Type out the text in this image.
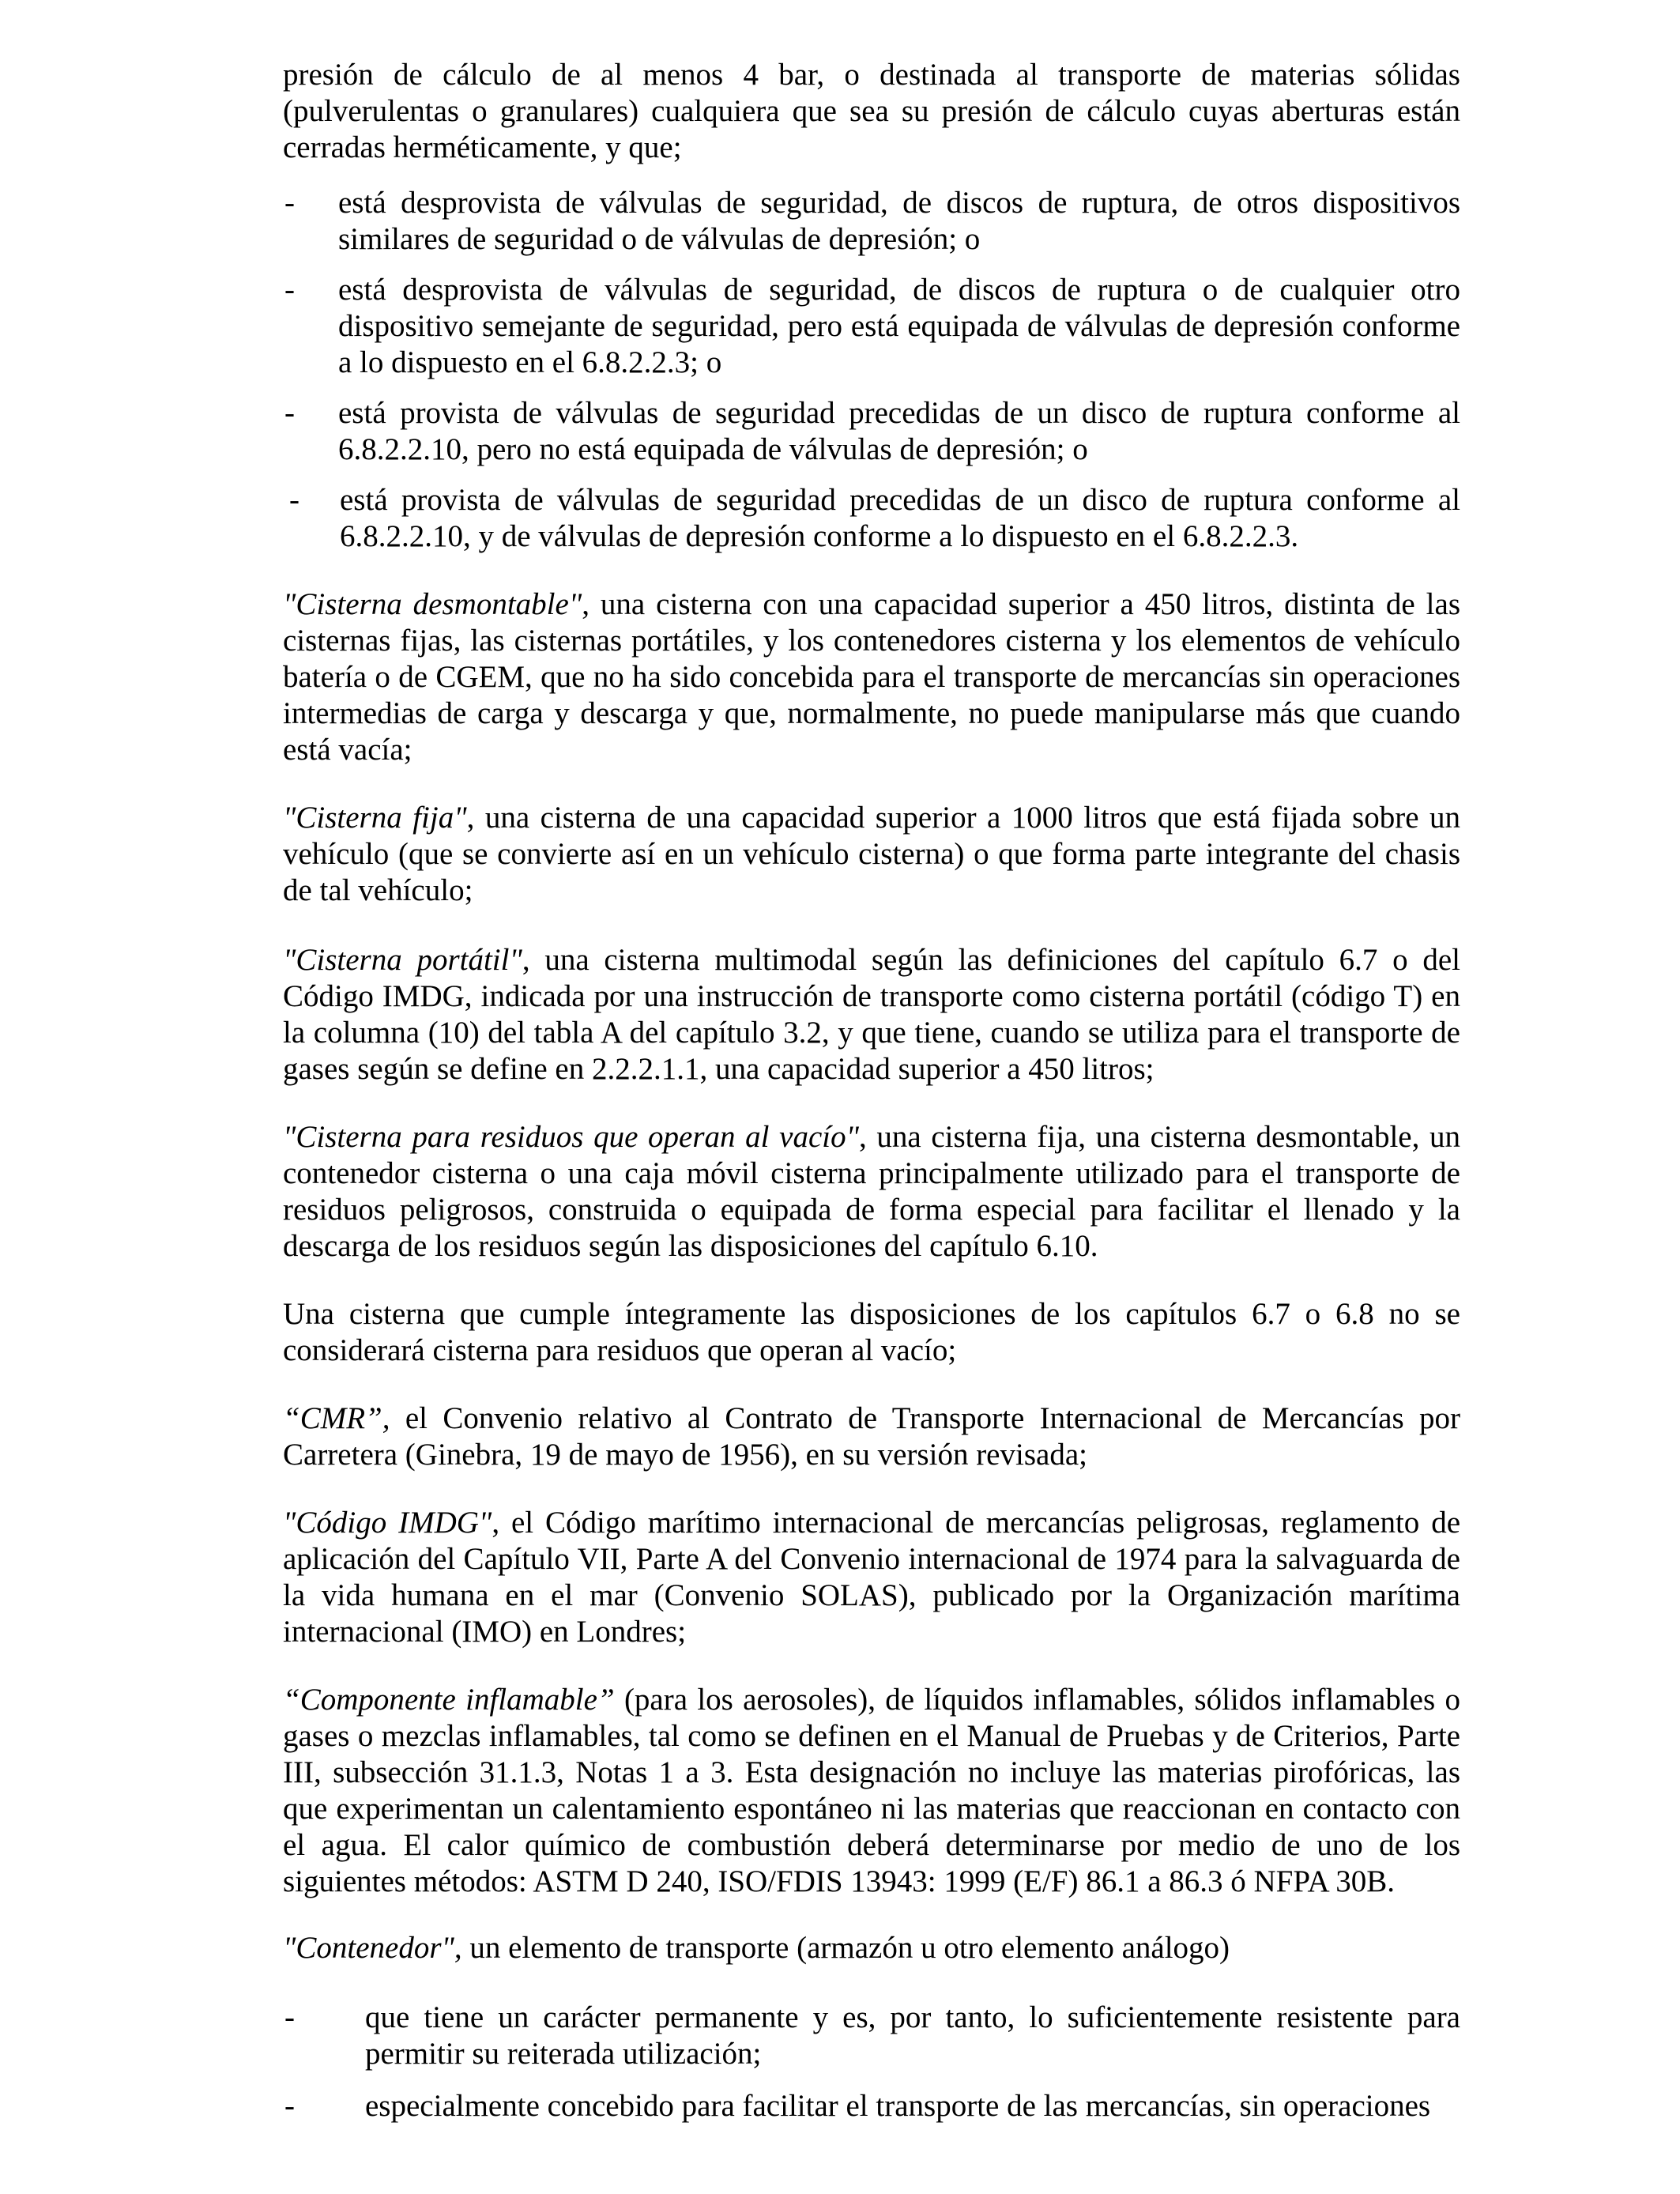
presión de cálculo de al menos 4 bar, o destinada al transporte de materias sólidas (pulverulentas o granulares) cualquiera que sea su presión de cálculo cuyas aberturas están cerradas herméticamente, y que;

- está desprovista de válvulas de seguridad, de discos de ruptura, de otros dispositivos similares de seguridad o de válvulas de depresión; o
- está desprovista de válvulas de seguridad, de discos de ruptura o de cualquier otro dispositivo semejante de seguridad, pero está equipada de válvulas de depresión conforme a lo dispuesto en el 6.8.2.2.3; o
- está provista de válvulas de seguridad precedidas de un disco de ruptura conforme al 6.8.2.2.10, pero no está equipada de válvulas de depresión; o
- está provista de válvulas de seguridad precedidas de un disco de ruptura conforme al 6.8.2.2.10, y de válvulas de depresión conforme a lo dispuesto en el 6.8.2.2.3.

"Cisterna desmontable", una cisterna con una capacidad superior a 450 litros, distinta de las cisternas fijas, las cisternas portátiles, y los contenedores cisterna y los elementos de vehículo batería o de CGEM, que no ha sido concebida para el transporte de mercancías sin operaciones intermedias de carga y descarga y que, normalmente, no puede manipularse más que cuando está vacía;

"Cisterna fija", una cisterna de una capacidad superior a 1000 litros que está fijada sobre un vehículo (que se convierte así en un vehículo cisterna) o que forma parte integrante del chasis de tal vehículo;

"Cisterna portátil", una cisterna multimodal según las definiciones del capítulo 6.7 o del Código IMDG, indicada por una instrucción de transporte como cisterna portátil (código T) en la columna (10) del tabla A del capítulo 3.2, y que tiene, cuando se utiliza para el transporte de gases según se define en 2.2.2.1.1, una capacidad superior a 450 litros;

"Cisterna para residuos que operan al vacío", una cisterna fija, una cisterna desmontable, un contenedor cisterna o una caja móvil cisterna principalmente utilizado para el transporte de residuos peligrosos, construida o equipada de forma especial para facilitar el llenado y la descarga de los residuos según las disposiciones del capítulo 6.10.

Una cisterna que cumple íntegramente las disposiciones de los capítulos 6.7 o 6.8 no se considerará cisterna para residuos que operan al vacío;

“CMR”, el Convenio relativo al Contrato de Transporte Internacional de Mercancías por Carretera (Ginebra, 19 de mayo de 1956), en su versión revisada;

"Código IMDG", el Código marítimo internacional de mercancías peligrosas, reglamento de aplicación del Capítulo VII, Parte A del Convenio internacional de 1974 para la salvaguarda de la vida humana en el mar (Convenio SOLAS), publicado por la Organización marítima internacional (IMO) en Londres;

“Componente inflamable” (para los aerosoles), de líquidos inflamables, sólidos inflamables o gases o mezclas inflamables, tal como se definen en el Manual de Pruebas y de Criterios, Parte III, subsección 31.1.3, Notas 1 a 3. Esta designación no incluye las materias pirofóricas, las que experimentan un calentamiento espontáneo ni las materias que reaccionan en contacto con el agua. El calor químico de combustión deberá determinarse por medio de uno de los siguientes métodos: ASTM D 240, ISO/FDIS 13943: 1999 (E/F) 86.1 a 86.3 ó NFPA 30B.

"Contenedor", un elemento de transporte (armazón u otro elemento análogo)

- que tiene un carácter permanente y es, por tanto, lo suficientemente resistente para permitir su reiterada utilización;
- especialmente concebido para facilitar el transporte de las mercancías, sin operaciones
